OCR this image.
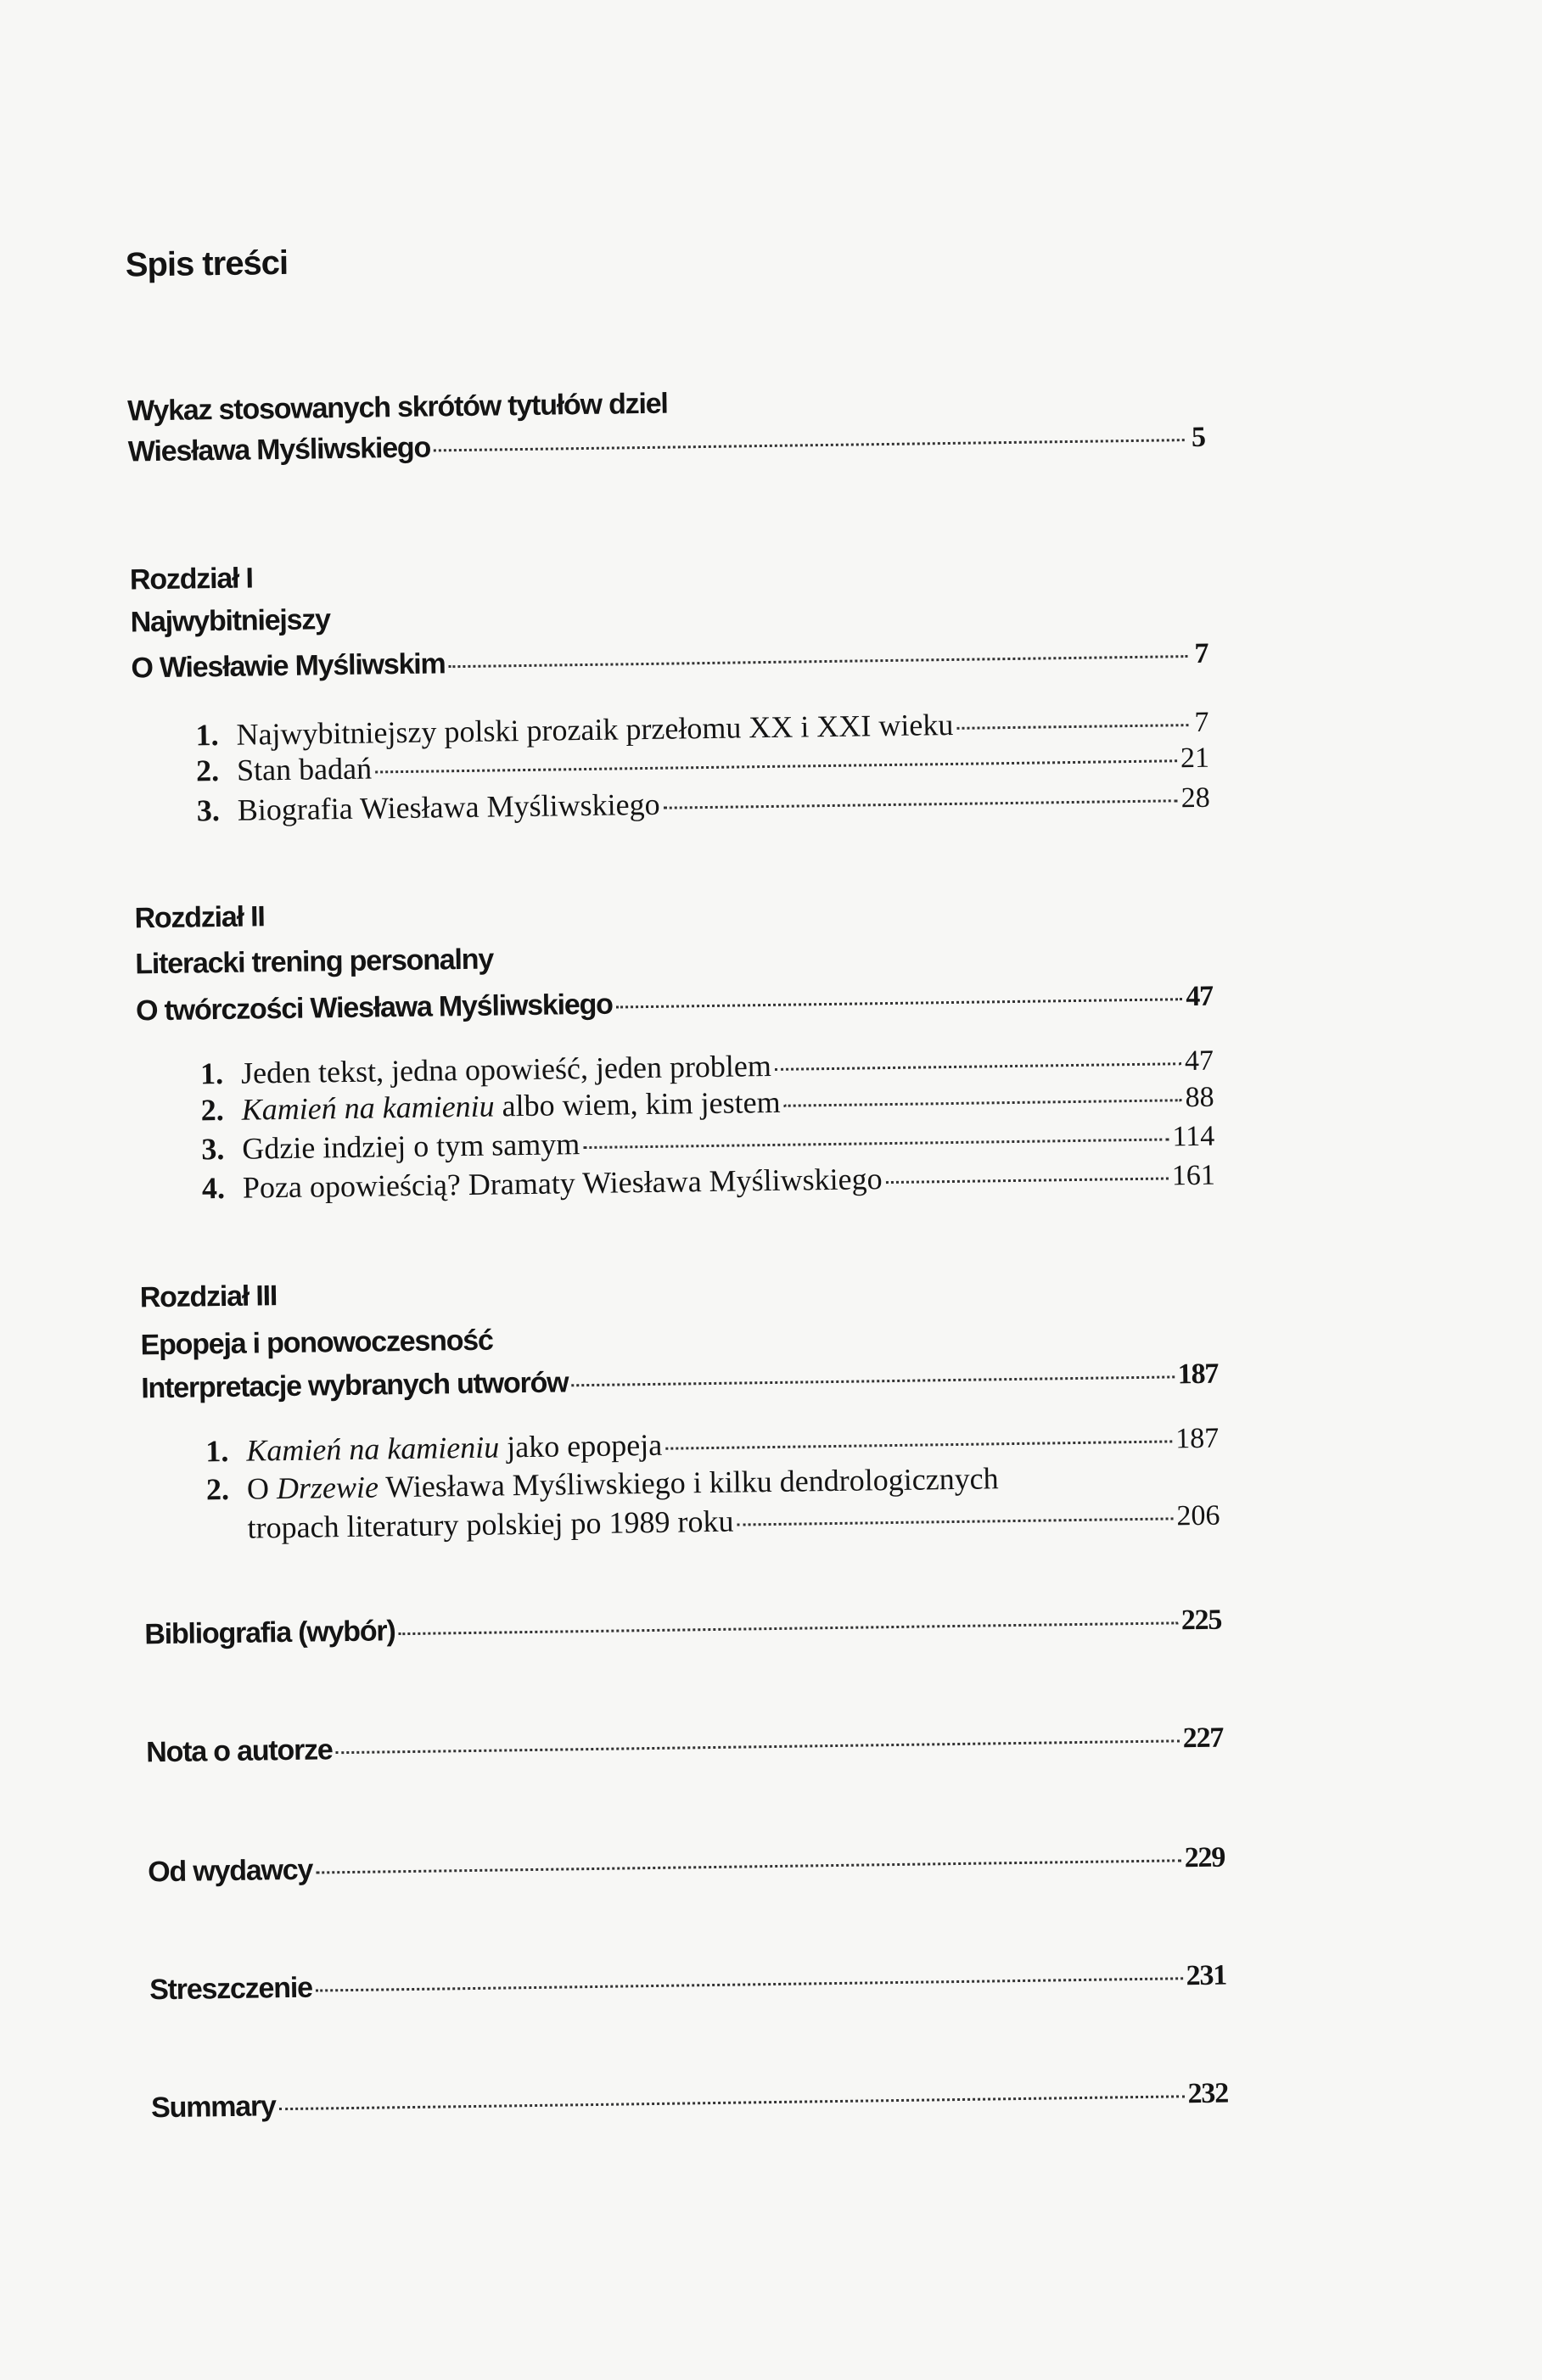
Spis treści
Wykaz stosowanych skrótów tytułów dziel
Wiesława Myśliwskiego	5
Rozdział I
Najwybitniejszy
O Wiesławie Myśliwskim	7
1. Najwybitniejszy polski prozaik przełomu XX i XXI wieku	7
2. Stan badań	21
3. Biografia Wiesława Myśliwskiego	28
Rozdział II
Literacki trening personalny
O twórczości Wiesława Myśliwskiego	47
1. Jeden tekst, jedna opowieść, jeden problem	47
2. Kamień na kamieniu albo wiem, kim jestem	88
3. Gdzie indziej o tym samym	114
4. Poza opowieścią? Dramaty Wiesława Myśliwskiego	161
Rozdział III
Epopeja i ponowoczesność
Interpretacje wybranych utworów	187
1. Kamień na kamieniu jako epopeja	187
2. O Drzewie Wiesława Myśliwskiego i kilku dendrologicznych
tropach literatury polskiej po 1989 roku	206
Bibliografia (wybór)	225
Nota o autorze	227
Od wydawcy	229
Streszczenie	231
Summary	232
